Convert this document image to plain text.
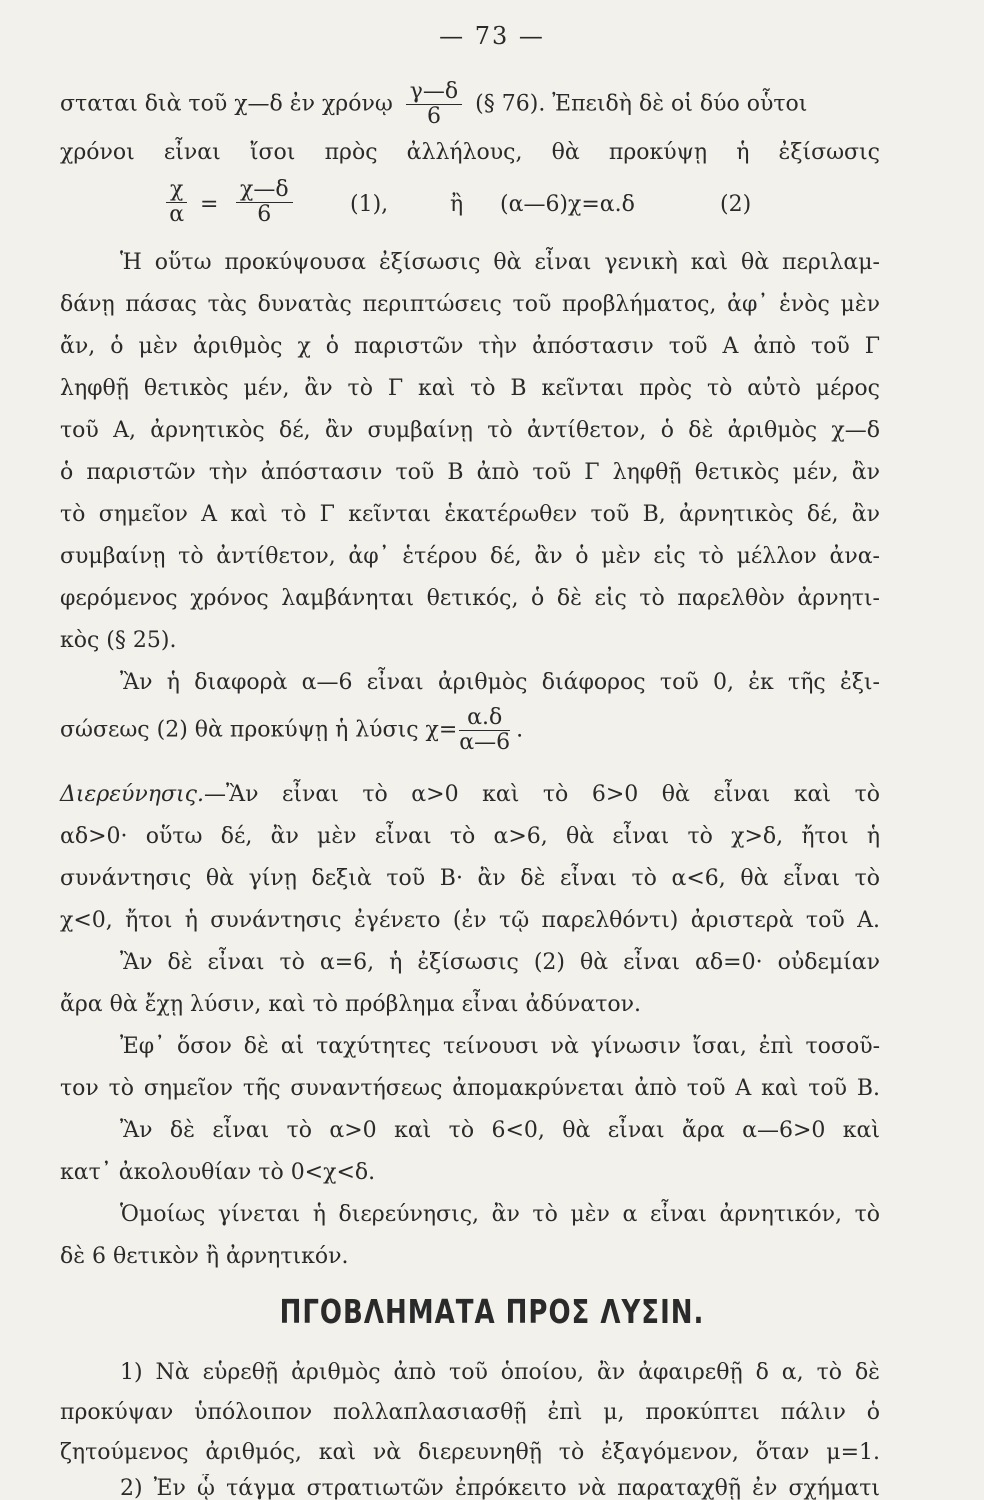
— 73 —
σταται διὰ τοῦ χ—δ ἐν χρόνῳ $\frac{\gamma—\delta}{6}$ (§ 76). Ἐπειδὴ δὲ οἱ δύο οὗτοι
χρόνοι εἶναι ἴσοι πρὸς ἀλλήλους, θὰ προκύψῃ ἡ ἐξίσωσις
$\frac{\chi}{\alpha} = \frac{\chi—\delta}{6}$	(1),	ἢ (α—6)χ=α.δ	(2)
Ἡ οὕτω προκύψουσα ἐξίσωσις θὰ εἶναι γενικὴ καὶ θὰ περιλαμ-
δάνῃ πάσας τὰς δυνατὰς περιπτώσεις τοῦ προβλήματος, ἀφ᾿ ἑνὸς μὲν
ἄν, ὁ μὲν ἀριθμὸς χ ὁ παριστῶν τὴν ἀπόστασιν τοῦ Α ἀπὸ τοῦ Γ
ληφθῇ θετικὸς μέν, ἂν τὸ Γ καὶ τὸ Β κεῖνται πρὸς τὸ αὐτὸ μέρος
τοῦ Α, ἀρνητικὸς δέ, ἂν συμβαίνῃ τὸ ἀντίθετον, ὁ δὲ ἀριθμὸς χ—δ
ὁ παριστῶν τὴν ἀπόστασιν τοῦ Β ἀπὸ τοῦ Γ ληφθῇ θετικὸς μέν, ἂν
τὸ σημεῖον Α καὶ τὸ Γ κεῖνται ἑκατέρωθεν τοῦ Β, ἀρνητικὸς δέ, ἂν
συμβαίνῃ τὸ ἀντίθετον, ἀφ᾿ ἑτέρου δέ, ἂν ὁ μὲν εἰς τὸ μέλλον ἀνα-
φερόμενος χρόνος λαμβάνηται θετικός, ὁ δὲ εἰς τὸ παρελθὸν ἀρνητι-
κὸς (§ 25).
Ἂν ἡ διαφορὰ α—6 εἶναι ἀριθμὸς διάφορος τοῦ 0, ἐκ τῆς ἐξι-
σώσεως (2) θὰ προκύψῃ ἡ λύσις $\chi= \frac{\alpha.\delta}{\alpha—6}$ .
Διερεύνησις.—Ἂν εἶναι τὸ α>0 καὶ τὸ 6>0 θὰ εἶναι καὶ τὸ
αδ>0· οὕτω δέ, ἂν μὲν εἶναι τὸ α>6, θὰ εἶναι τὸ χ>δ, ἤτοι ἡ
συνάντησις θὰ γίνῃ δεξιὰ τοῦ Β· ἂν δὲ εἶναι τὸ α<6, θὰ εἶναι τὸ
χ<0, ἤτοι ἡ συνάντησις ἐγένετο (ἐν τῷ παρελθόντι) ἀριστερὰ τοῦ Α.
Ἂν δὲ εἶναι τὸ α=6, ἡ ἐξίσωσις (2) θὰ εἶναι αδ=0· οὐδεμίαν
ἄρα θὰ ἔχῃ λύσιν, καὶ τὸ πρόβλημα εἶναι ἀδύνατον.
Ἐφ᾿ ὅσον δὲ αἱ ταχύτητες τείνουσι νὰ γίνωσιν ἴσαι, ἐπὶ τοσοῦ-
τον τὸ σημεῖον τῆς συναντήσεως ἀπομακρύνεται ἀπὸ τοῦ Α καὶ τοῦ Β.
Ἂν δὲ εἶναι τὸ α>0 καὶ τὸ 6<0, θὰ εἶναι ἄρα α—6>0 καὶ
κατ᾿ ἀκολουθίαν τὸ 0<χ<δ.
Ὁμοίως γίνεται ἡ διερεύνησις, ἂν τὸ μὲν α εἶναι ἀρνητικόν, τὸ
δὲ 6 θετικὸν ἢ ἀρνητικόν.
ΠΓΟΒΛΗΜΑΤΑ ΠΡΟΣ ΛΥΣΙΝ.
1) Νὰ εὑρεθῇ ἀριθμὸς ἀπὸ τοῦ ὁποίου, ἂν ἀφαιρεθῇ δ α, τὸ δὲ
προκύψαν ὑπόλοιπον πολλαπλασιασθῇ ἐπὶ μ, προκύπτει πάλιν ὁ
ζητούμενος ἀριθμός, καὶ νὰ διερευνηθῇ τὸ ἐξαγόμενον, ὅταν μ=1.
2) Ἐν ᾧ τάγμα στρατιωτῶν ἐπρόκειτο νὰ παραταχθῇ ἐν σχήματι
